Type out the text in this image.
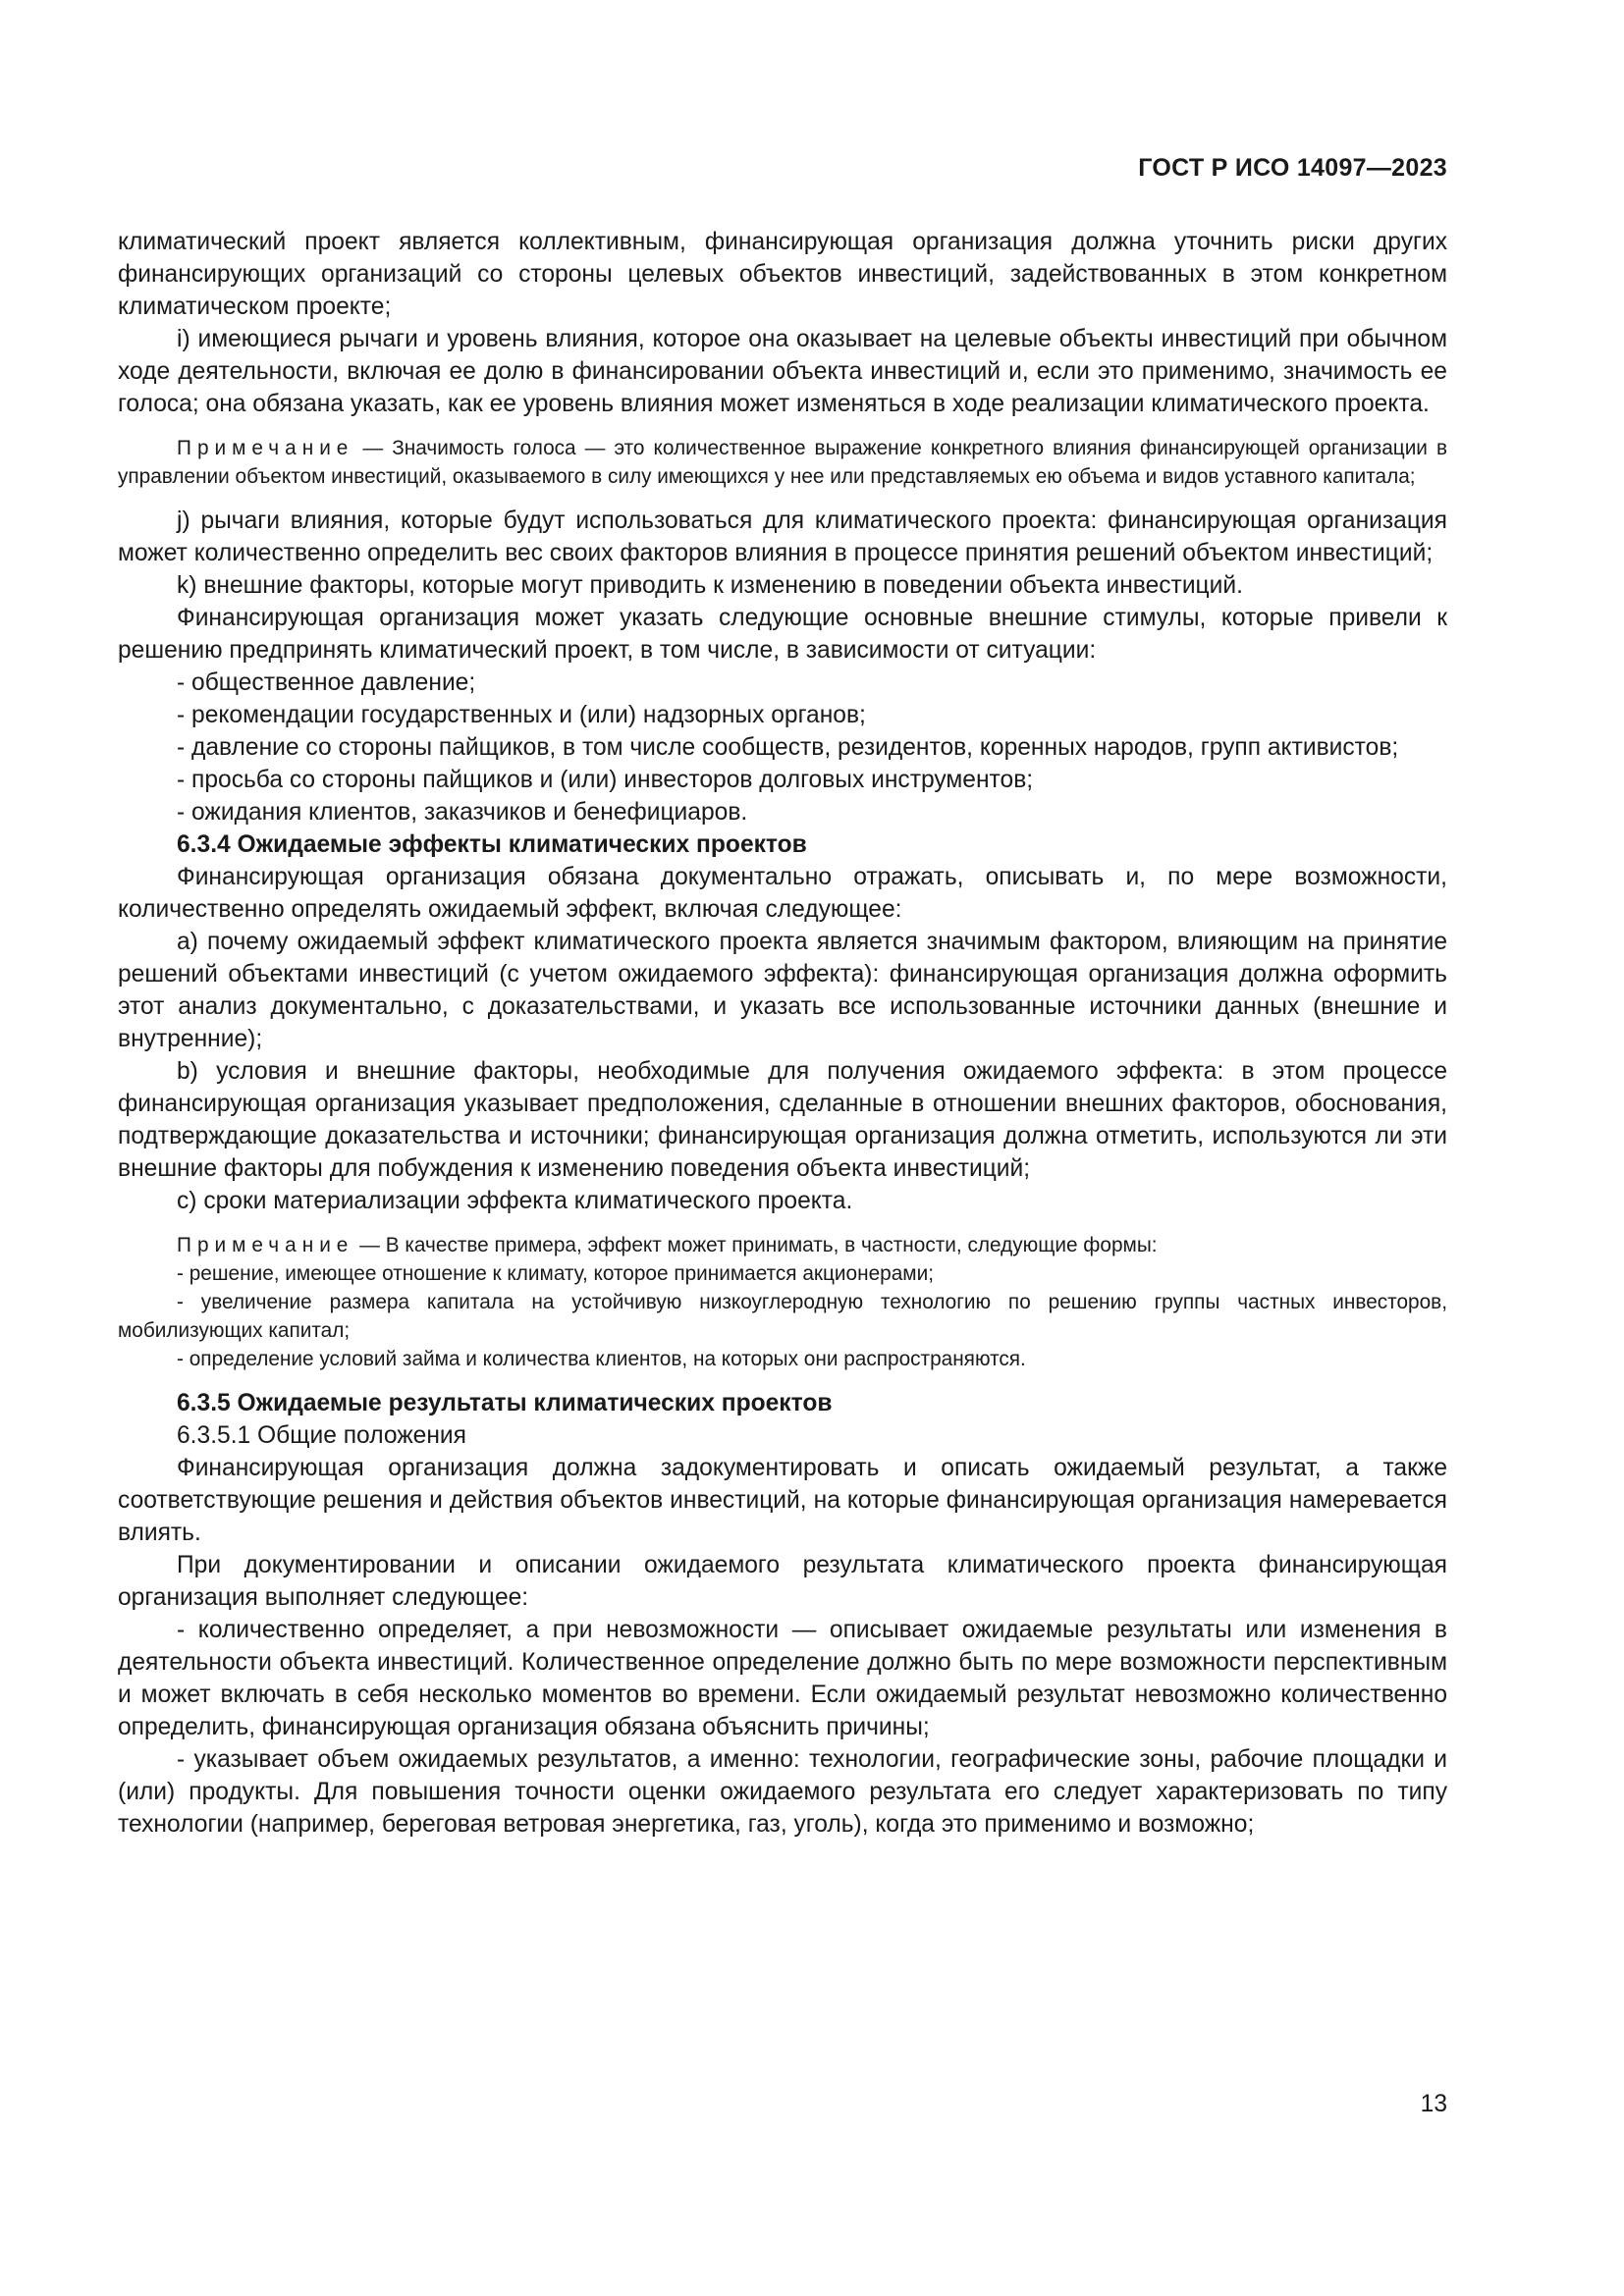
ГОСТ Р ИСО 14097—2023

климатический проект является коллективным, финансирующая организация должна уточнить риски других финансирующих организаций со стороны целевых объектов инвестиций, задействованных в этом конкретном климатическом проекте;

i) имеющиеся рычаги и уровень влияния, которое она оказывает на целевые объекты инвестиций при обычном ходе деятельности, включая ее долю в финансировании объекта инвестиций и, если это применимо, значимость ее голоса; она обязана указать, как ее уровень влияния может изменяться в ходе реализации климатического проекта.

Примечание — Значимость голоса — это количественное выражение конкретного влияния финансирующей организации в управлении объектом инвестиций, оказываемого в силу имеющихся у нее или представляемых ею объема и видов уставного капитала;

j) рычаги влияния, которые будут использоваться для климатического проекта: финансирующая организация может количественно определить вес своих факторов влияния в процессе принятия решений объектом инвестиций;

k) внешние факторы, которые могут приводить к изменению в поведении объекта инвестиций.

Финансирующая организация может указать следующие основные внешние стимулы, которые привели к решению предпринять климатический проект, в том числе, в зависимости от ситуации:

- общественное давление;

- рекомендации государственных и (или) надзорных органов;

- давление со стороны пайщиков, в том числе сообществ, резидентов, коренных народов, групп активистов;

- просьба со стороны пайщиков и (или) инвесторов долговых инструментов;

- ожидания клиентов, заказчиков и бенефициаров.

6.3.4 Ожидаемые эффекты климатических проектов

Финансирующая организация обязана документально отражать, описывать и, по мере возможности, количественно определять ожидаемый эффект, включая следующее:

a) почему ожидаемый эффект климатического проекта является значимым фактором, влияющим на принятие решений объектами инвестиций (с учетом ожидаемого эффекта): финансирующая организация должна оформить этот анализ документально, с доказательствами, и указать все использованные источники данных (внешние и внутренние);

b) условия и внешние факторы, необходимые для получения ожидаемого эффекта: в этом процессе финансирующая организация указывает предположения, сделанные в отношении внешних факторов, обоснования, подтверждающие доказательства и источники; финансирующая организация должна отметить, используются ли эти внешние факторы для побуждения к изменению поведения объекта инвестиций;

c) сроки материализации эффекта климатического проекта.

Примечание — В качестве примера, эффект может принимать, в частности, следующие формы:

- решение, имеющее отношение к климату, которое принимается акционерами;

- увеличение размера капитала на устойчивую низкоуглеродную технологию по решению группы частных инвесторов, мобилизующих капитал;

- определение условий займа и количества клиентов, на которых они распространяются.

6.3.5 Ожидаемые результаты климатических проектов

6.3.5.1 Общие положения

Финансирующая организация должна задокументировать и описать ожидаемый результат, а также соответствующие решения и действия объектов инвестиций, на которые финансирующая организация намеревается влиять.

При документировании и описании ожидаемого результата климатического проекта финансирующая организация выполняет следующее:

- количественно определяет, а при невозможности — описывает ожидаемые результаты или изменения в деятельности объекта инвестиций. Количественное определение должно быть по мере возможности перспективным и может включать в себя несколько моментов во времени. Если ожидаемый результат невозможно количественно определить, финансирующая организация обязана объяснить причины;

- указывает объем ожидаемых результатов, а именно: технологии, географические зоны, рабочие площадки и (или) продукты. Для повышения точности оценки ожидаемого результата его следует характеризовать по типу технологии (например, береговая ветровая энергетика, газ, уголь), когда это применимо и возможно;

13
